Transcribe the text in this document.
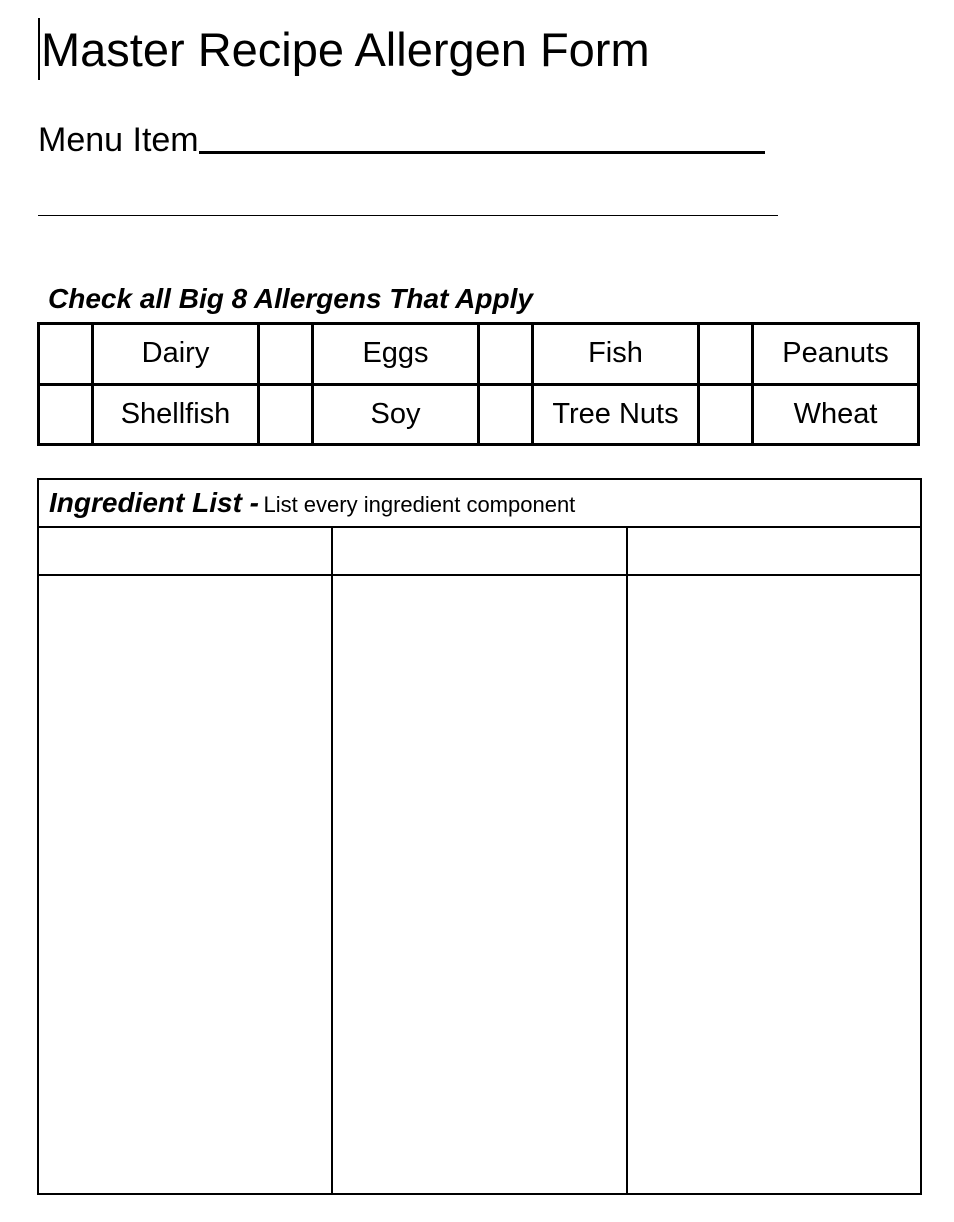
Master Recipe Allergen Form
Menu Item
Check all Big 8 Allergens That Apply
	Dairy		Eggs		Fish		Peanuts
	Shellfish		Soy		Tree Nuts		Wheat
Ingredient List - List every ingredient component		
